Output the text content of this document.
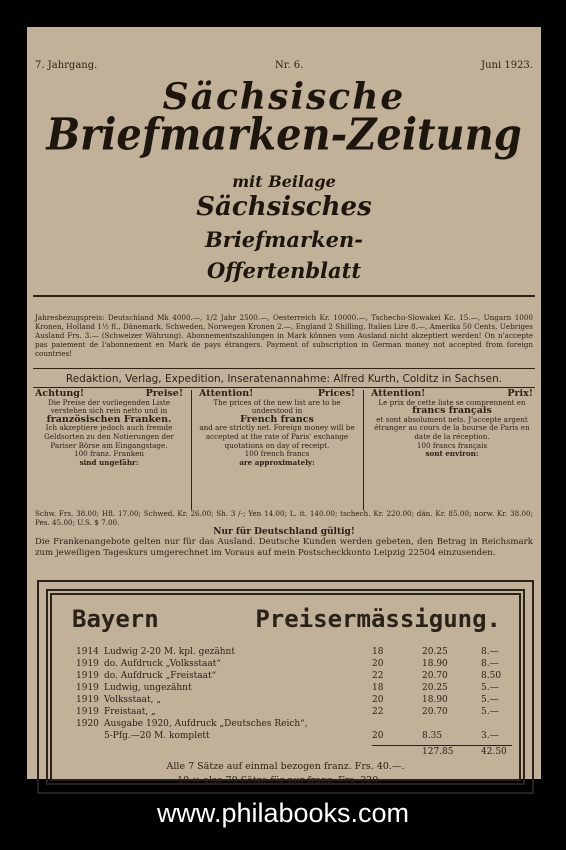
7. Jahrgang.	Nr. 6.	Juni 1923.
Sächsische
Briefmarken-Zeitung
mit Beilage
Sächsisches
Briefmarken-
Offertenblatt
Jahresbezugspreis: Deutschland Mk 4000.—, 1/2 Jahr 2500.—, Oesterreich Kr. 10000.—, Tschecho-Slowakei Kc. 15.—, Ungarn 1000 Kronen, Holland 1½ fl., Dänemark, Schweden, Norwegen Kronen 2.—, England 2 Shilling, Italien Lire 8.—, Amerika 50 Cents, Uebriges Ausland Frs. 3.— (Schweizer Währung). Abonnementszahlungen in Mark können vom Ausland nicht akzeptiert werden! On n'accepte pas paiement de l'abonnement en Mark de pays étrangers. Payment of subscription in German money not accepted from foreign countries!
Redaktion, Verlag, Expedition, Inseratenannahme: Alfred Kurth, Colditz in Sachsen.
Achtung!	Preise!
Die Preise der vorliegenden Liste verstehen sich rein netto und in
französischen Franken.
Ich akzeptiere jedoch auch fremde Geldsorten zu den Notierungen der Pariser Börse am Eingangstage.
100 franz. Franken
sind ungefähr:
Attention!	Prices!
The prices of the new list are to be understood in
French francs
and are strictly net. Foreign money will be accepted at the rate of Paris' exchange quotations on day of receipt.
100 french francs
are approximately:
Attention!	Prix!
Le prix de cette liste se comprennent en
francs français
et sont absolument nets. J'accepte argent étranger au cours de la bourse de Paris en date de la réception.
100 francs français
sont environ:
Schw. Frs. 38.00; Hfl. 17.00; Schwed. Kr. 26.00; Sh. 3 /-; Yen 14.00; L. it. 140.00; tschech. Kr. 220.00; dän. Kr. 85.00; norw. Kr. 38.00; Pes. 45.00; U.S. $ 7.00.
Nur für Deutschland gültig!
Die Frankenangebote gelten nur für das Ausland. Deutsche Kunden werden gebeten, den Betrag in Reichsmark zum jeweiligen Tageskurs umgerechnet im Voraus auf mein Postscheckkonto Leipzig 22504 einzusenden.
Bayern	Preisermässigung.
1914 Ludwig 2-20 M. kpl. gezähnt	18	20.25	8.—
1919 do. Aufdruck „Volksstaat“	20	18.90	8.—
1919 do. Aufdruck „Freistaat“	22	20.70	8.50
1919 Ludwig, ungezähnt	18	20.25	5.—
1919 Volksstaat, „	20	18.90	5.—
1919 Freistaat, „	22	20.70	5.—
1920 Ausgabe 1920, Aufdruck „Deutsches Reich“,
5-Pfg.—20 M. komplett	20	8.35	3.—
127.85	42.50
Alle 7 Sätze auf einmal bezogen franz. Frs. 40.—.
10 × also 70 Sätze für nur franz. Frs. 320.—.
www.philabooks.com
